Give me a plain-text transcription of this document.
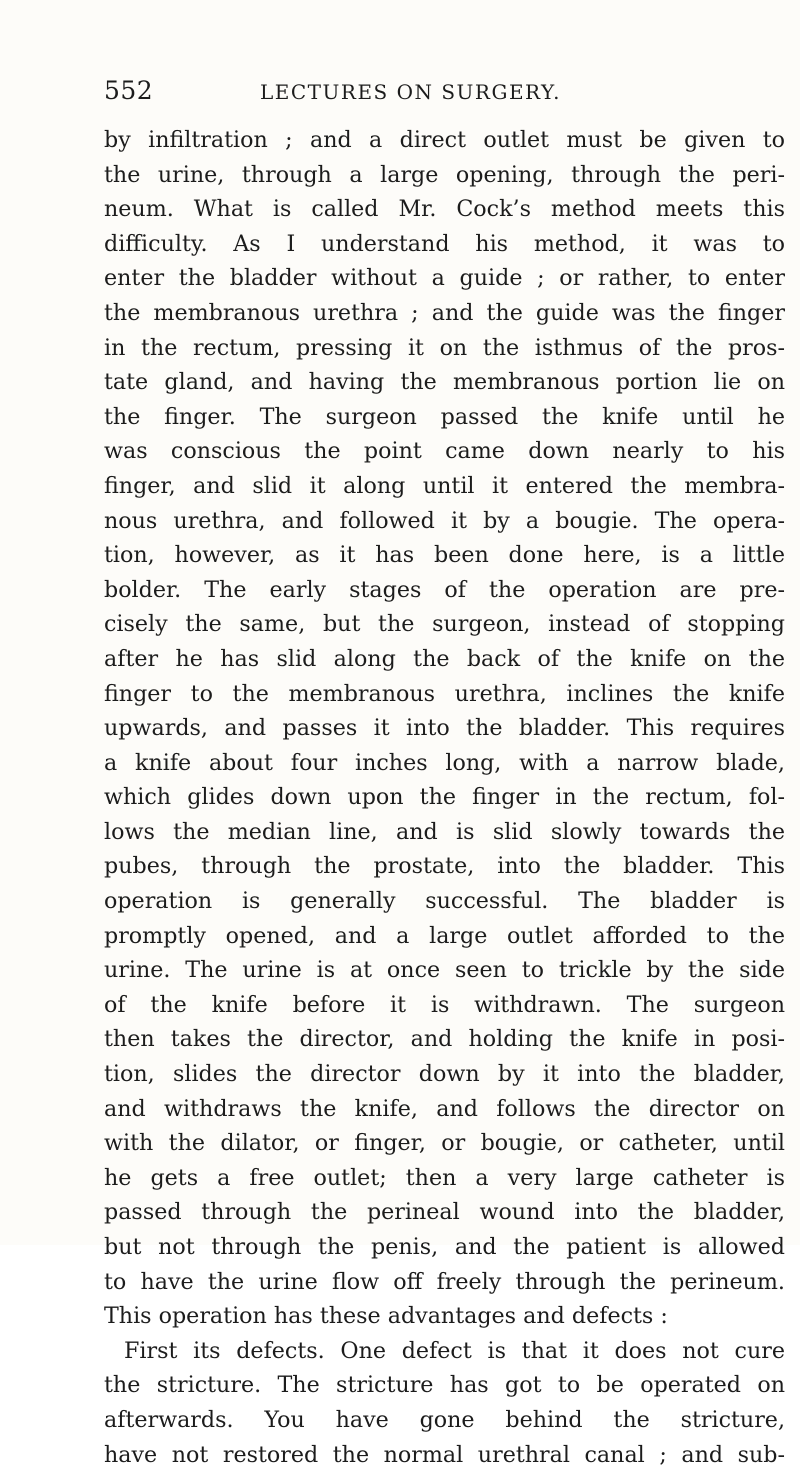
552	LECTURES ON SURGERY.
by infiltration ; and a direct outlet must be given to
the urine, through a large opening, through the peri-
neum. What is called Mr. Cock’s method meets this
difficulty. As I understand his method, it was to
enter the bladder without a guide ; or rather, to enter
the membranous urethra ; and the guide was the finger
in the rectum, pressing it on the isthmus of the pros-
tate gland, and having the membranous portion lie on
the finger. The surgeon passed the knife until he
was conscious the point came down nearly to his
finger, and slid it along until it entered the membra-
nous urethra, and followed it by a bougie. The opera-
tion, however, as it has been done here, is a little
bolder. The early stages of the operation are pre-
cisely the same, but the surgeon, instead of stopping
after he has slid along the back of the knife on the
finger to the membranous urethra, inclines the knife
upwards, and passes it into the bladder. This requires
a knife about four inches long, with a narrow blade,
which glides down upon the finger in the rectum, fol-
lows the median line, and is slid slowly towards the
pubes, through the prostate, into the bladder. This
operation is generally successful. The bladder is
promptly opened, and a large outlet afforded to the
urine. The urine is at once seen to trickle by the side
of the knife before it is withdrawn. The surgeon
then takes the director, and holding the knife in posi-
tion, slides the director down by it into the bladder,
and withdraws the knife, and follows the director on
with the dilator, or finger, or bougie, or catheter, until
he gets a free outlet; then a very large catheter is
passed through the perineal wound into the bladder,
but not through the penis, and the patient is allowed
to have the urine flow off freely through the perineum.
This operation has these advantages and defects :
First its defects. One defect is that it does not cure
the stricture. The stricture has got to be operated on
afterwards. You have gone behind the stricture,
have not restored the normal urethral canal ; and sub-
